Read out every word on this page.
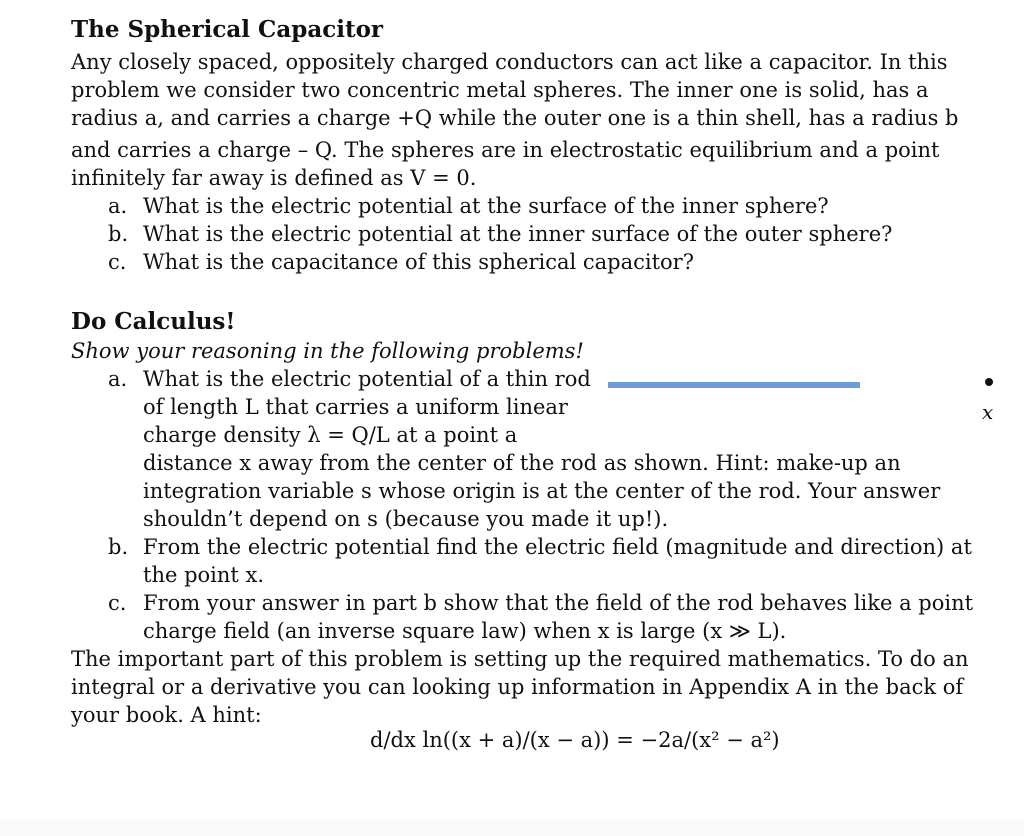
The Spherical Capacitor
Any closely spaced, oppositely charged conductors can act like a capacitor. In this
problem we consider two concentric metal spheres. The inner one is solid, has a
radius a, and carries a charge +Q while the outer one is a thin shell, has a radius b
and carries a charge – Q. The spheres are in electrostatic equilibrium and a point
infinitely far away is defined as V = 0.
a. What is the electric potential at the surface of the inner sphere?
b. What is the electric potential at the inner surface of the outer sphere?
c. What is the capacitance of this spherical capacitor?
Do Calculus!
Show your reasoning in the following problems!
a. What is the electric potential of a thin rod
of length L that carries a uniform linear
charge density λ = Q/L at a point a
distance x away from the center of the rod as shown. Hint: make-up an
integration variable s whose origin is at the center of the rod. Your answer
shouldn’t depend on s (because you made it up!).
x
b. From the electric potential find the electric field (magnitude and direction) at
the point x.
c. From your answer in part b show that the field of the rod behaves like a point
charge field (an inverse square law) when x is large (x ≫ L).
The important part of this problem is setting up the required mathematics. To do an
integral or a derivative you can looking up information in Appendix A in the back of
your book. A hint:
d/dx ln((x + a)/(x − a)) = −2a/(x² − a²)
